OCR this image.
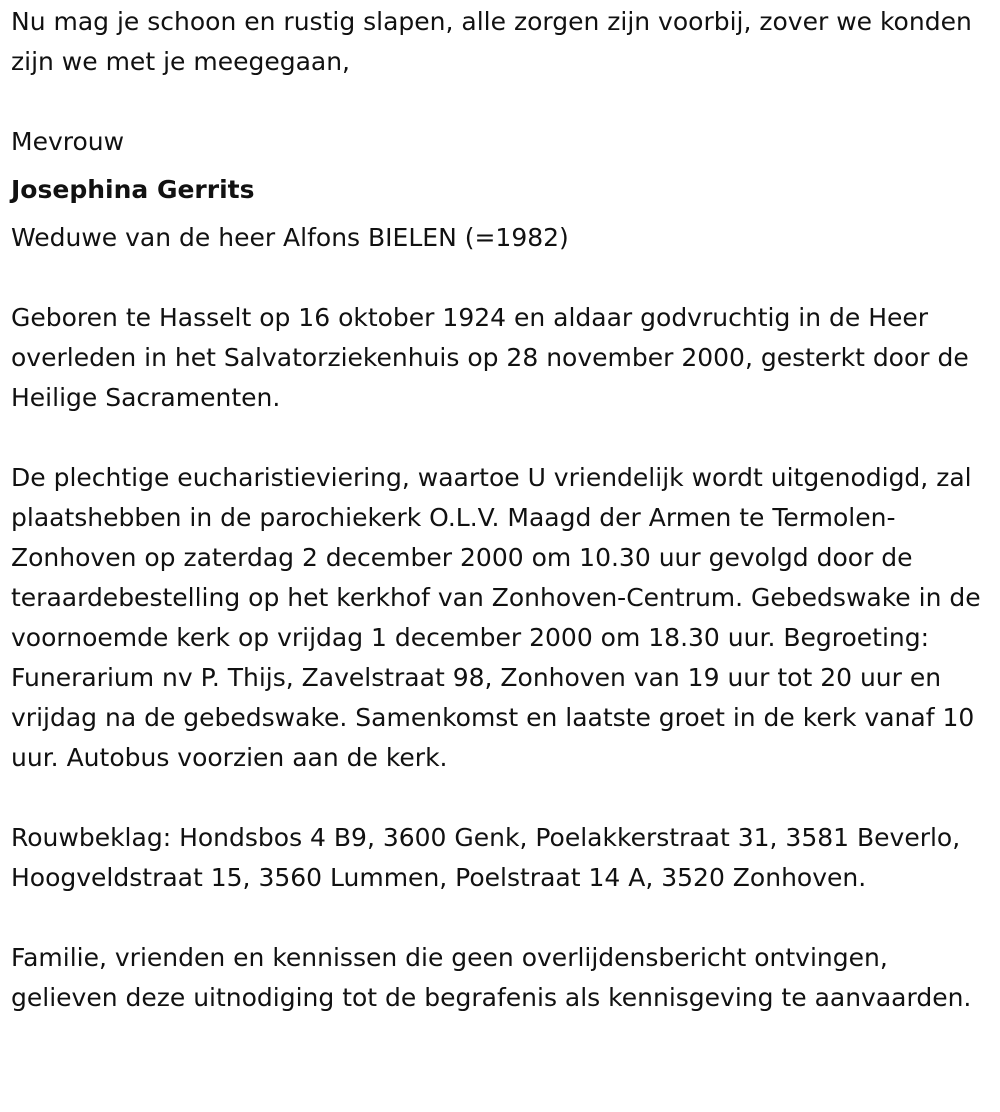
Nu mag je schoon en rustig slapen, alle zorgen zijn voorbij, zover we konden zijn we met je meegegaan,

Mevrouw

Josephina Gerrits

Weduwe van de heer Alfons BIELEN (=1982)

Geboren te Hasselt op 16 oktober 1924 en aldaar godvruchtig in de Heer overleden in het Salvatorziekenhuis op 28 november 2000, gesterkt door de Heilige Sacramenten.

De plechtige eucharistieviering, waartoe U vriendelijk wordt uitgenodigd, zal plaatshebben in de parochiekerk O.L.V. Maagd der Armen te Termolen-Zonhoven op zaterdag 2 december 2000 om 10.30 uur gevolgd door de teraardebestelling op het kerkhof van Zonhoven-Centrum. Gebedswake in de voornoemde kerk op vrijdag 1 december 2000 om 18.30 uur. Begroeting: Funerarium nv P. Thijs, Zavelstraat 98, Zonhoven van 19 uur tot 20 uur en vrijdag na de gebedswake. Samenkomst en laatste groet in de kerk vanaf 10 uur. Autobus voorzien aan de kerk.

Rouwbeklag: Hondsbos 4 B9, 3600 Genk, Poelakkerstraat 31, 3581 Beverlo, Hoogveldstraat 15, 3560 Lummen, Poelstraat 14 A, 3520 Zonhoven.

Familie, vrienden en kennissen die geen overlijdensbericht ontvingen, gelieven deze uitnodiging tot de begrafenis als kennisgeving te aanvaarden.
